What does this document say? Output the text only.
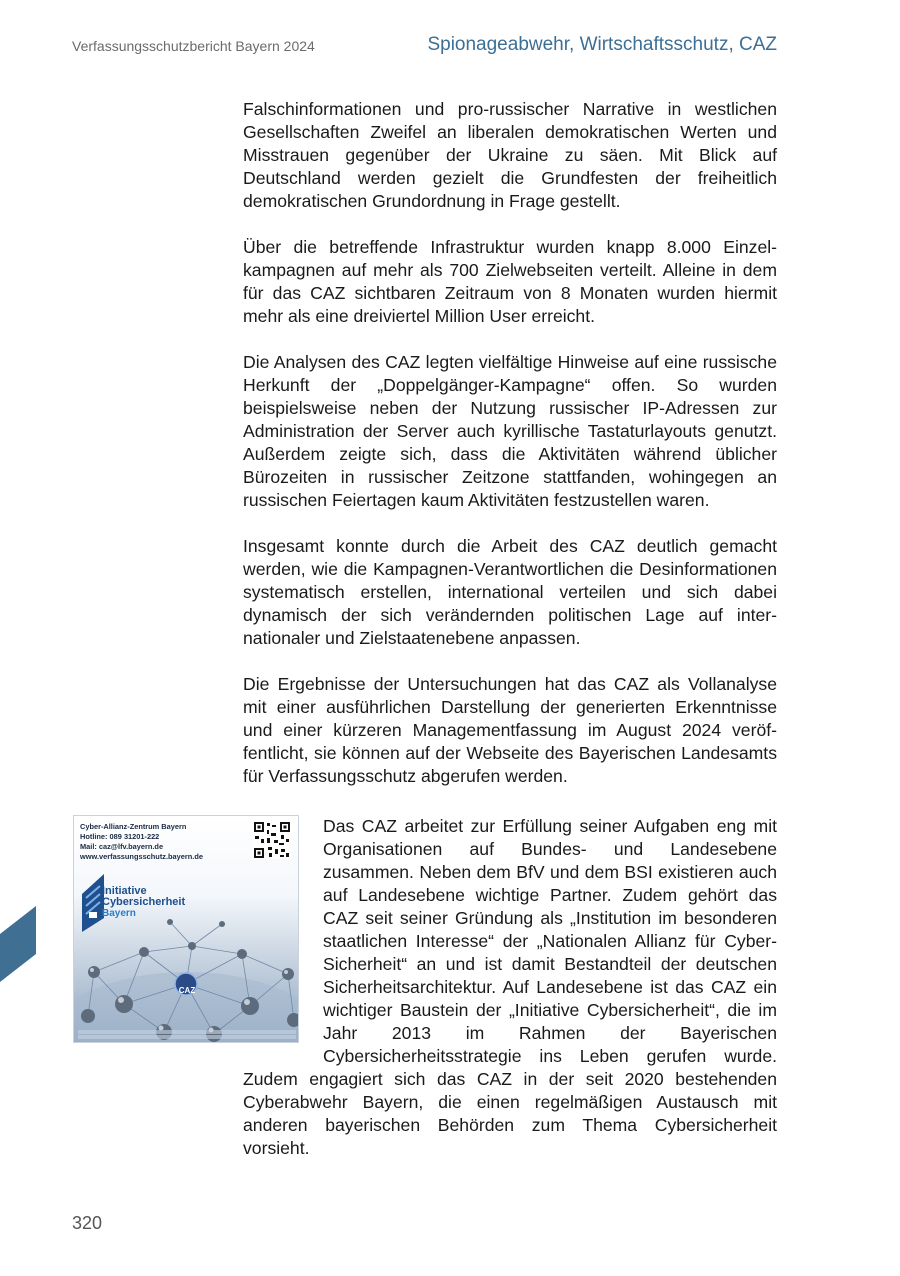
Verfassungsschutzbericht Bayern 2024	Spionageabwehr, Wirtschaftsschutz, CAZ

Falschinformationen und pro-russischer Narrative in westlichen Gesellschaften Zweifel an liberalen demokratischen Werten und Misstrauen gegenüber der Ukraine zu säen. Mit Blick auf Deutschland werden gezielt die Grundfesten der freiheitlich demokratischen Grundordnung in Frage gestellt.

Über die betreffende Infrastruktur wurden knapp 8.000 Einzelkampagnen auf mehr als 700 Zielwebseiten verteilt. Alleine in dem für das CAZ sichtbaren Zeitraum von 8 Monaten wurden hiermit mehr als eine dreiviertel Million User erreicht.

Die Analysen des CAZ legten vielfältige Hinweise auf eine russische Herkunft der „Doppelgänger-Kampagne“ offen. So wurden beispielsweise neben der Nutzung russischer IP-Adressen zur Administration der Server auch kyrillische Tastaturlayouts genutzt. Außerdem zeigte sich, dass die Aktivitäten während üblicher Bürozeiten in russischer Zeitzone stattfanden, wohingegen an russischen Feiertagen kaum Aktivitäten festzustellen waren.

Insgesamt konnte durch die Arbeit des CAZ deutlich gemacht werden, wie die Kampagnen-Verantwortlichen die Desinformationen systematisch erstellen, international verteilen und sich dabei dynamisch der sich verändernden politischen Lage auf internationaler und Zielstaatenebene anpassen.

Die Ergebnisse der Untersuchungen hat das CAZ als Vollanalyse mit einer ausführlichen Darstellung der generierten Erkenntnisse und einer kürzeren Managementfassung im August 2024 veröffentlicht, sie können auf der Webseite des Bayerischen Landesamts für Verfassungsschutz abgerufen werden.

Cyber-Allianz-Zentrum Bayern
Hotline: 089 31201-222
Mail: caz@lfv.bayern.de
www.verfassungsschutz.bayern.de
Initiative
Cybersicherheit
Bayern
CAZ

Das CAZ arbeitet zur Erfüllung seiner Aufgaben eng mit Organisationen auf Bundes- und Landesebene zusammen. Neben dem BfV und dem BSI existieren auch auf Landesebene wichtige Partner. Zudem gehört das CAZ seit seiner Gründung als „Institution im besonderen staatlichen Interesse“ der „Nationalen Allianz für Cyber-Sicherheit“ an und ist damit Bestandteil der deutschen Sicherheitsarchitektur. Auf Landesebene ist das CAZ ein wichtiger Baustein der „Initiative Cybersicherheit“, die im Jahr 2013 im Rahmen der Bayerischen Cybersicherheitsstrategie ins Leben gerufen wurde. Zudem engagiert sich das CAZ in der seit 2020 bestehenden Cyberabwehr Bayern, die einen regelmäßigen Austausch mit anderen bayerischen Behörden zum Thema Cybersicherheit vorsieht.

320
